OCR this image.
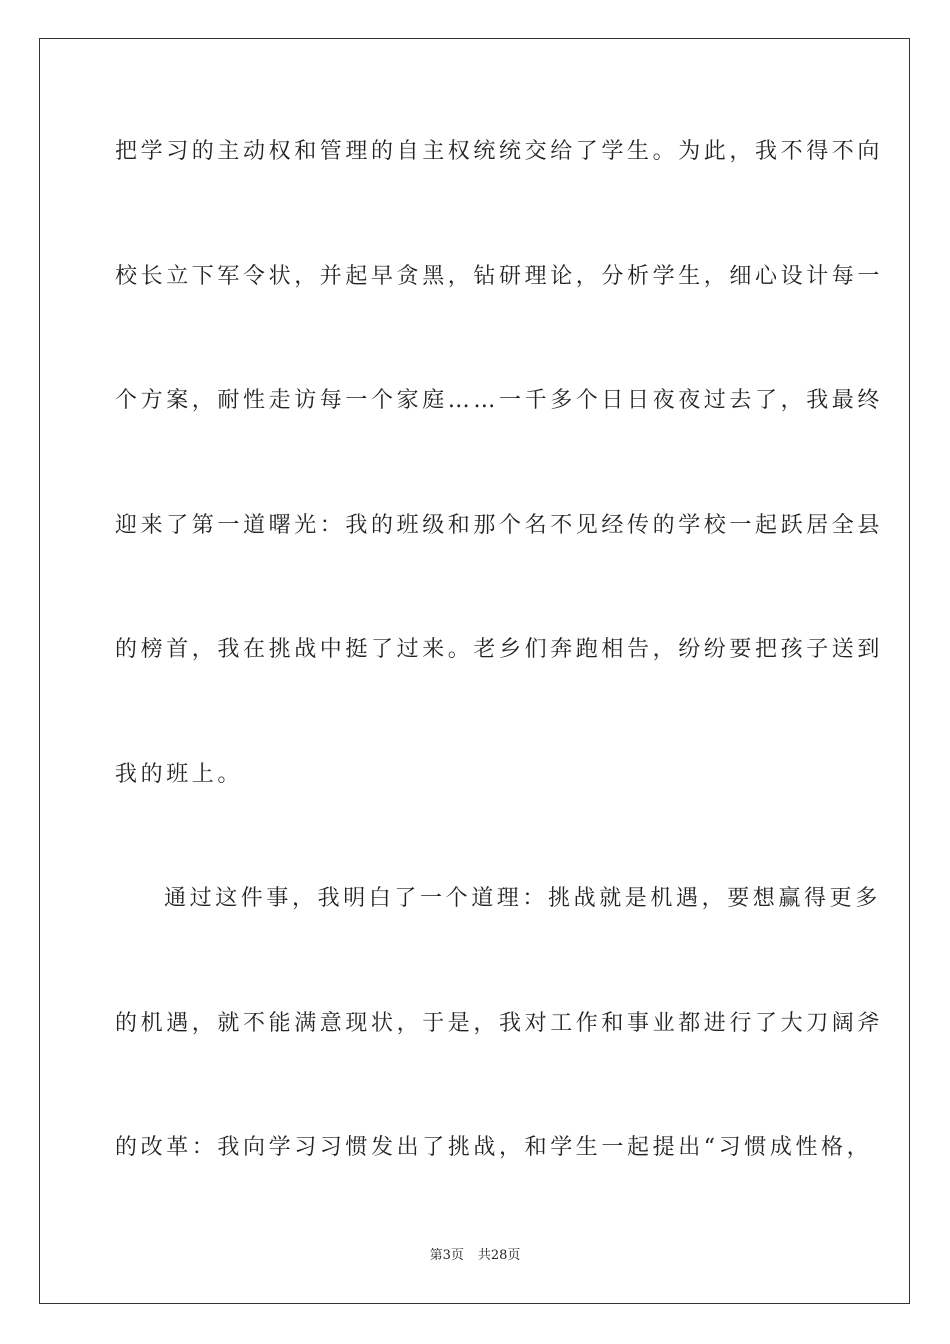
把学习的主动权和管理的自主权统统交给了学生。为此，我不得不向
校长立下军令状，并起早贪黑，钻研理论，分析学生，细心设计每一
个方案，耐性走访每一个家庭……一千多个日日夜夜过去了，我最终
迎来了第一道曙光：我的班级和那个名不见经传的学校一起跃居全县
的榜首，我在挑战中挺了过来。老乡们奔跑相告，纷纷要把孩子送到
我的班上。
通过这件事，我明白了一个道理：挑战就是机遇，要想赢得更多
的机遇，就不能满意现状，于是，我对工作和事业都进行了大刀阔斧
的改革：我向学习习惯发出了挑战，和学生一起提出“习惯成性格，
第3页 共28页
